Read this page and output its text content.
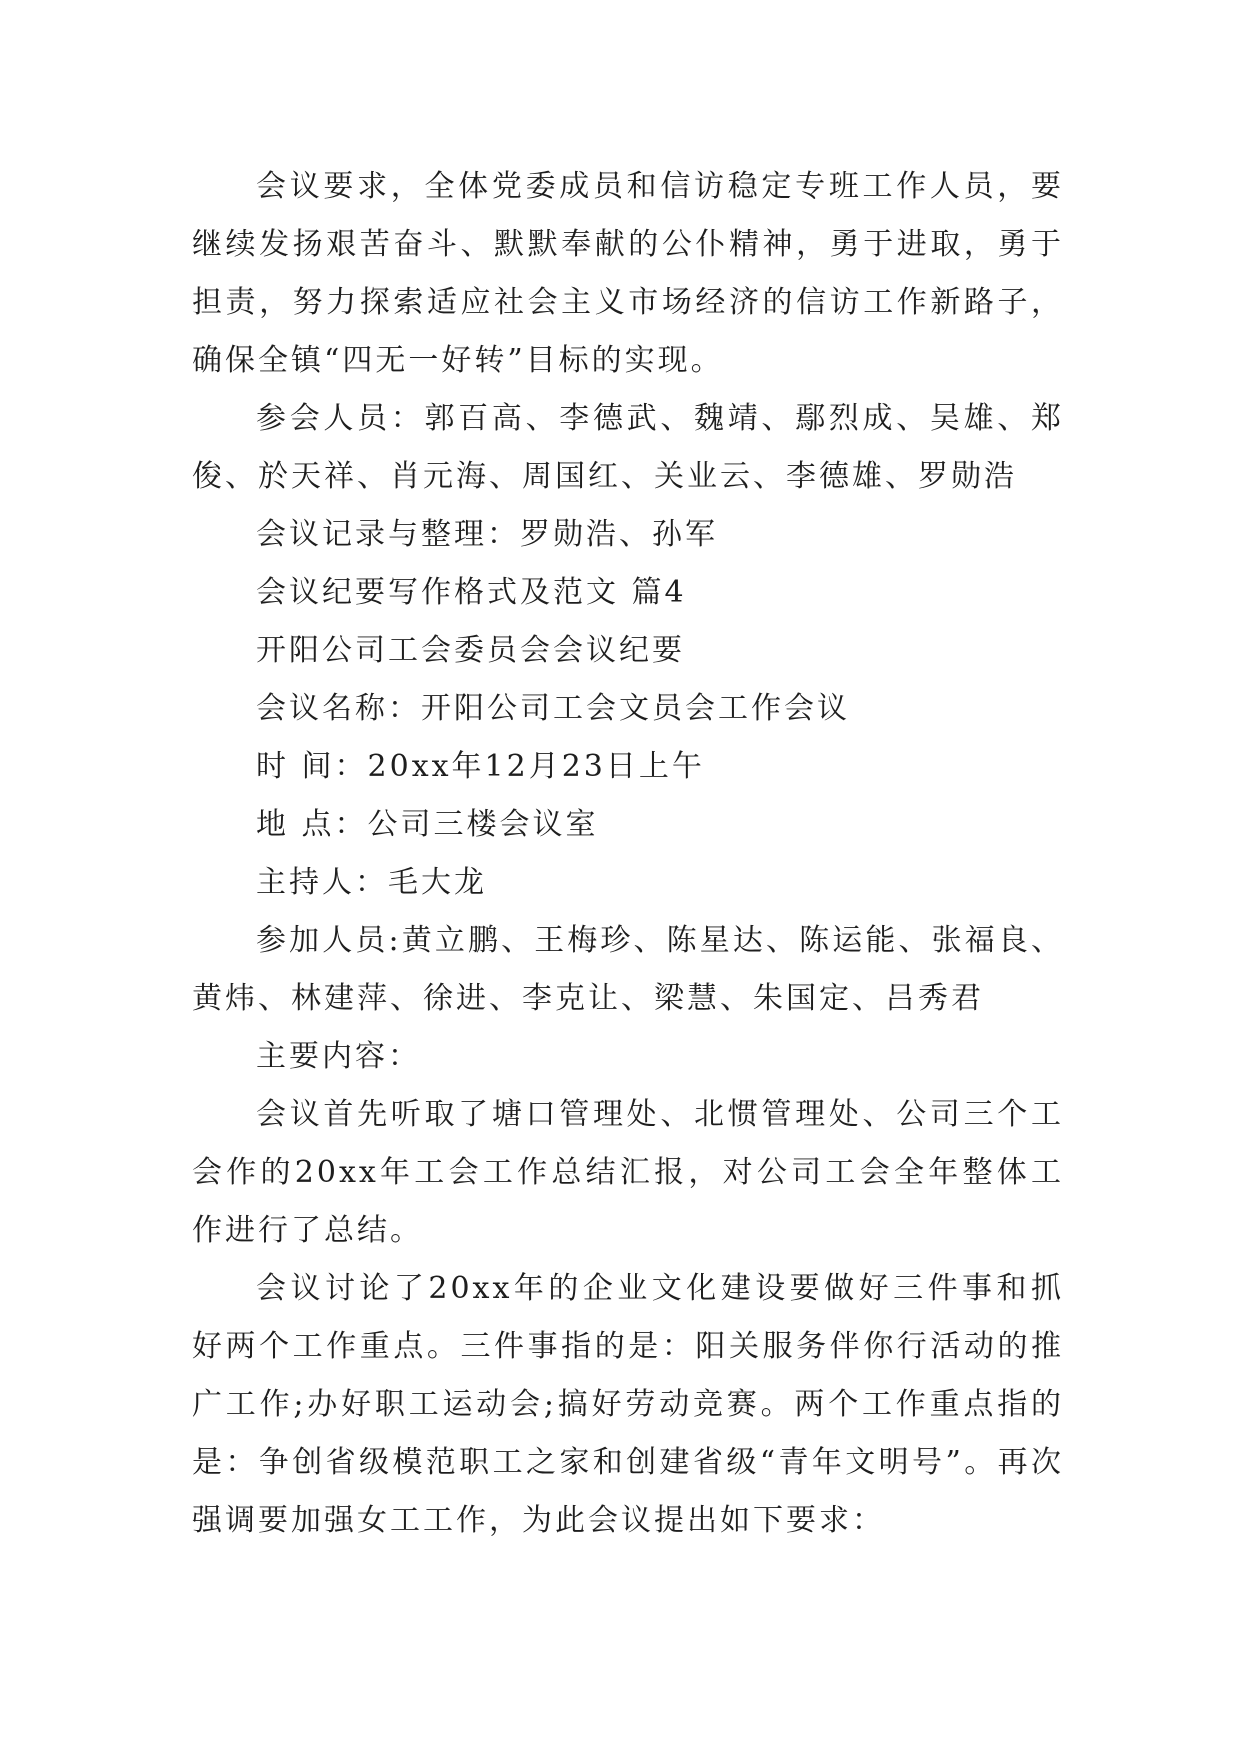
会议要求，全体党委成员和信访稳定专班工作人员，要继续发扬艰苦奋斗、默默奉献的公仆精神，勇于进取，勇于担责，努力探索适应社会主义市场经济的信访工作新路子，确保全镇“四无一好转”目标的实现。

参会人员：郭百高、李德武、魏靖、鄢烈成、吴雄、郑俊、於天祥、肖元海、周国红、关业云、李德雄、罗勋浩

会议记录与整理：罗勋浩、孙军

会议纪要写作格式及范文 篇4

开阳公司工会委员会会议纪要

会议名称：开阳公司工会文员会工作会议

时 间：20xx年12月23日上午

地 点：公司三楼会议室

主持人：毛大龙

参加人员:黄立鹏、王梅珍、陈星达、陈运能、张福良、黄炜、林建萍、徐进、李克让、梁慧、朱国定、吕秀君

主要内容：

会议首先听取了塘口管理处、北惯管理处、公司三个工会作的20xx年工会工作总结汇报，对公司工会全年整体工作进行了总结。

会议讨论了20xx年的企业文化建设要做好三件事和抓好两个工作重点。三件事指的是：阳关服务伴你行活动的推广工作;办好职工运动会;搞好劳动竞赛。两个工作重点指的是：争创省级模范职工之家和创建省级“青年文明号”。再次强调要加强女工工作，为此会议提出如下要求：
